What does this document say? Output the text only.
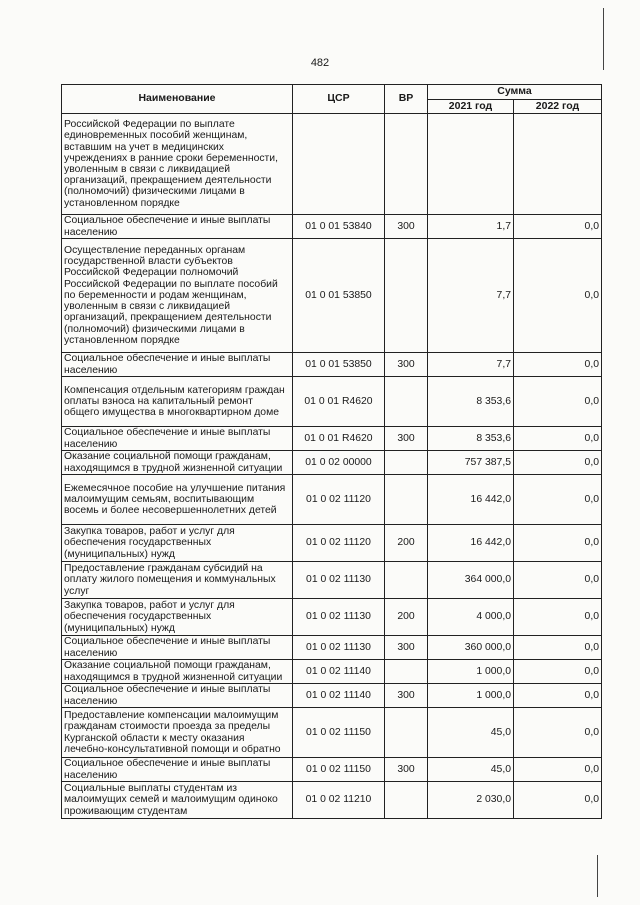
482
Наименование	ЦСР	ВР	Сумма	
			2021 год	2022 год
Российской Федерации по выплате единовременных пособий женщинам, вставшим на учет в медицинских учреждениях в ранние сроки беременности, уволенным в связи с ликвидацией организаций, прекращением деятельности (полномочий) физическими лицами в установленном порядке				
Социальное обеспечение и иные выплаты населению	01 0 01 53840	300	1,7	0,0
Осуществление переданных органам государственной власти субъектов Российской Федерации полномочий Российской Федерации по выплате пособий по беременности и родам женщинам, уволенным в связи с ликвидацией организаций, прекращением деятельности (полномочий) физическими лицами в установленном порядке	01 0 01 53850		7,7	0,0
Социальное обеспечение и иные выплаты населению	01 0 01 53850	300	7,7	0,0
Компенсация отдельным категориям граждан оплаты взноса на капитальный ремонт общего имущества в многоквартирном доме	01 0 01 R4620		8 353,6	0,0
Социальное обеспечение и иные выплаты населению	01 0 01 R4620	300	8 353,6	0,0
Оказание социальной помощи гражданам, находящимся в трудной жизненной ситуации	01 0 02 00000		757 387,5	0,0
Ежемесячное пособие на улучшение питания малоимущим семьям, воспитывающим восемь и более несовершеннолетних детей	01 0 02 11120		16 442,0	0,0
Закупка товаров, работ и услуг для обеспечения государственных (муниципальных) нужд	01 0 02 11120	200	16 442,0	0,0
Предоставление гражданам субсидий на оплату жилого помещения и коммунальных услуг	01 0 02 11130		364 000,0	0,0
Закупка товаров, работ и услуг для обеспечения государственных (муниципальных) нужд	01 0 02 11130	200	4 000,0	0,0
Социальное обеспечение и иные выплаты населению	01 0 02 11130	300	360 000,0	0,0
Оказание социальной помощи гражданам, находящимся в трудной жизненной ситуации	01 0 02 11140		1 000,0	0,0
Социальное обеспечение и иные выплаты населению	01 0 02 11140	300	1 000,0	0,0
Предоставление компенсации малоимущим гражданам стоимости проезда за пределы Курганской области к месту оказания лечебно-консультативной помощи и обратно	01 0 02 11150		45,0	0,0
Социальное обеспечение и иные выплаты населению	01 0 02 11150	300	45,0	0,0
Социальные выплаты студентам из малоимущих семей и малоимущим одиноко проживающим студентам	01 0 02 11210		2 030,0	0,0
